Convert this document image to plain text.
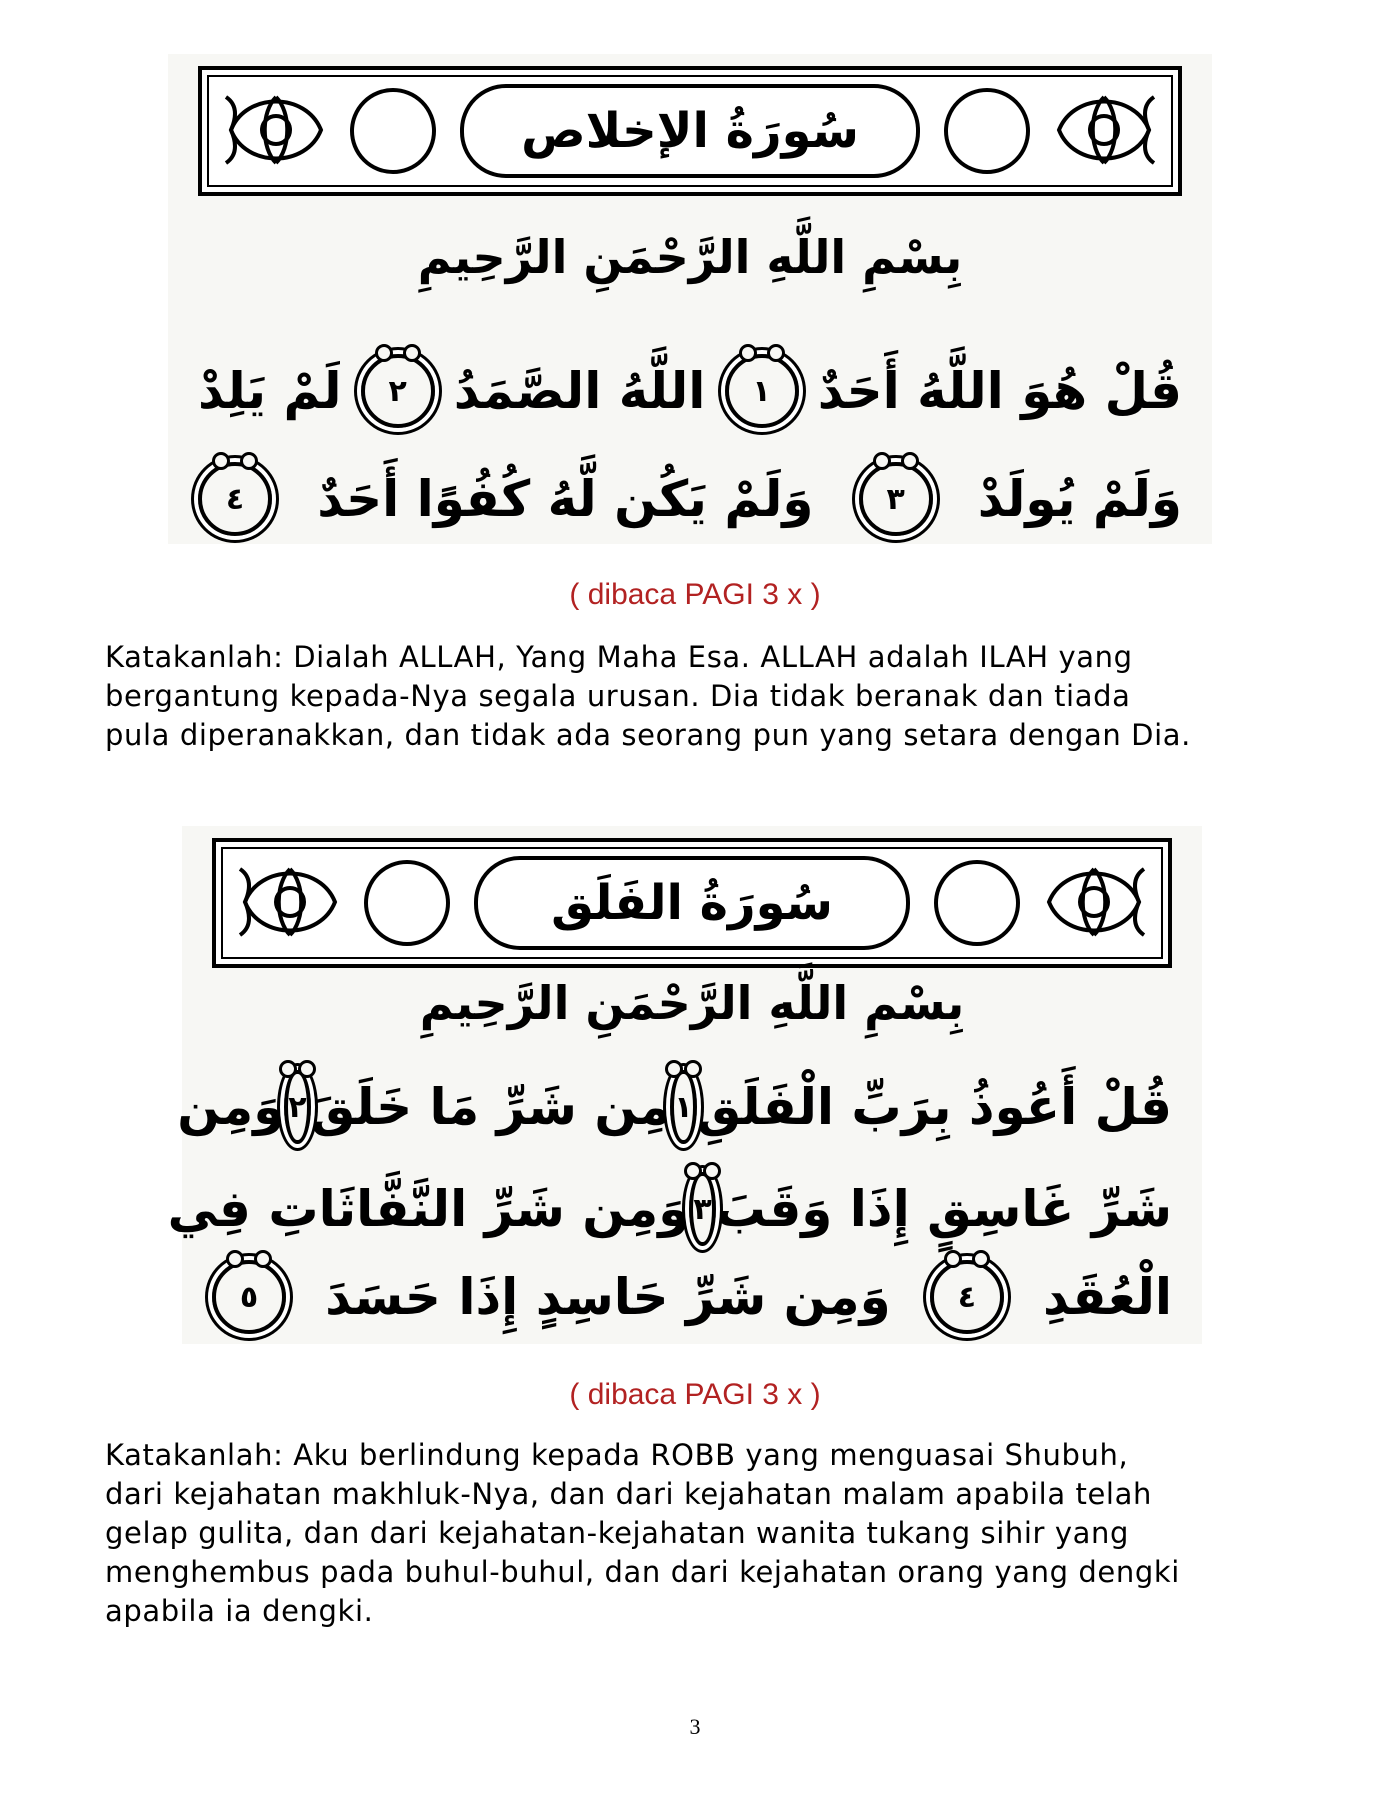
سُورَةُ الإخلاص
بِسْمِ اللَّهِ الرَّحْمَنِ الرَّحِيمِ
قُلْ هُوَ اللَّهُ أَحَدٌ
١
اللَّهُ الصَّمَدُ
٢
لَمْ يَلِدْ
وَلَمْ يُولَدْ
٣
وَلَمْ يَكُن لَّهُ كُفُوًا أَحَدٌ
٤
( dibaca PAGI 3 x )
Katakanlah: Dialah ALLAH, Yang Maha Esa. ALLAH adalah ILAH yang
bergantung kepada-Nya segala urusan. Dia tidak beranak dan tiada
pula diperanakkan, dan tidak ada seorang pun yang setara dengan Dia.
سُورَةُ الفَلَق
بِسْمِ اللَّهِ الرَّحْمَنِ الرَّحِيمِ
قُلْ أَعُوذُ بِرَبِّ الْفَلَقِ
١
مِن شَرِّ مَا خَلَقَ
٢
وَمِن
شَرِّ غَاسِقٍ إِذَا وَقَبَ
٣
وَمِن شَرِّ النَّفَّاثَاتِ فِي
الْعُقَدِ
٤
وَمِن شَرِّ حَاسِدٍ إِذَا حَسَدَ
٥
( dibaca PAGI 3 x )
Katakanlah: Aku berlindung kepada ROBB yang menguasai Shubuh,
dari kejahatan makhluk-Nya, dan dari kejahatan malam apabila telah
gelap gulita, dan dari kejahatan-kejahatan wanita tukang sihir yang
menghembus pada buhul-buhul, dan dari kejahatan orang yang dengki
apabila ia dengki.
3
